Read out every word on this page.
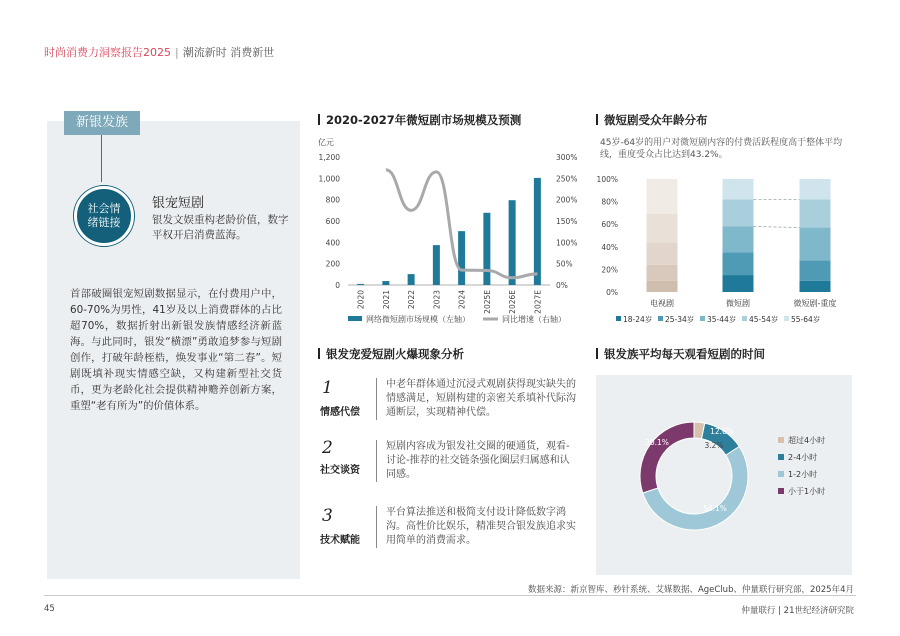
时尚消费力洞察报告2025 | 潮流新时 消费新世
新银发族
社会情绪链接
银宠短剧
银发文娱重构老龄价值，数字平权开启消费蓝海。
首部破圈银宠短剧数据显示，在付费用户中，60-70%为男性，41岁及以上消费群体的占比超70%，数据折射出新银发族情感经济新蓝海。与此同时，银发“横漂”勇敢追梦参与短剧创作，打破年龄桎梏，焕发事业“第二春”。短剧既填补现实情感空缺，又构建新型社交货币，更为老龄化社会提供精神赡养创新方案，重塑“老有所为”的价值体系。
2020-2027年微短剧市场规模及预测
亿元
0
200
400
600
800
1,000
1,200
0%
50%
100%
150%
200%
250%
300%
2020 2021 2022 2023 2024 2025E 2026E 2027E
网络微短剧市场规模（左轴）	同比增速（右轴）
微短剧受众年龄分布
45岁-64岁的用户对微短剧内容的付费活跃程度高于整体平均线，重度受众占比达到43.2%。
0%
20%
40%
60%
80%
100%
电视剧	微短剧	微短剧-重度
18-24岁 25-34岁 35-44岁 45-54岁 55-64岁
银发宠爱短剧火爆现象分析
1
情感代偿
中老年群体通过沉浸式观剧获得现实缺失的情感满足，短剧构建的亲密关系填补代际沟通断层，实现精神代偿。
2
社交谈资
短剧内容成为银发社交圈的硬通货，观看-讨论-推荐的社交链条强化圈层归属感和认同感。
3
技术赋能
平台算法推送和极简支付设计降低数字鸿沟。高性价比娱乐，精准契合银发族追求实用简单的消费需求。
银发族平均每天观看短剧的时间
3.2%
12.6%
54.1%
30.1%	超过4小时
2-4小时
1-2小时
小于1小时
数据来源：新京智库、秒针系统、艾媒数据、AgeClub、仲量联行研究部，2025年4月
45	仲量联行 | 21世纪经济研究院
